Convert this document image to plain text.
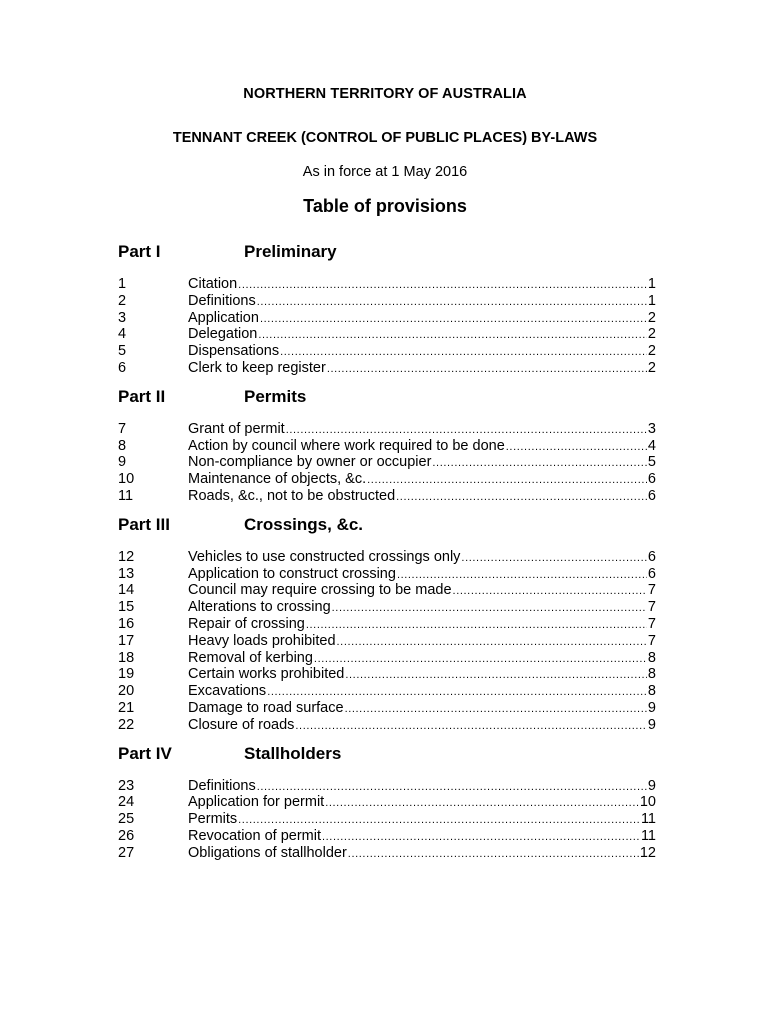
NORTHERN TERRITORY OF AUSTRALIA
TENNANT CREEK (CONTROL OF PUBLIC PLACES) BY-LAWS
As in force at 1 May 2016
Table of provisions
Part I	Preliminary
1	Citation .....	1
2	Definitions .....	1
3	Application .....	2
4	Delegation .....	2
5	Dispensations .....	2
6	Clerk to keep register .....	2
Part II	Permits
7	Grant of permit .....	3
8	Action by council where work required to be done .....	4
9	Non-compliance by owner or occupier .....	5
10	Maintenance of objects, &c. .....	6
11	Roads, &c., not to be obstructed .....	6
Part III	Crossings, &c.
12	Vehicles to use constructed crossings only .....	6
13	Application to construct crossing .....	6
14	Council may require crossing to be made .....	7
15	Alterations to crossing .....	7
16	Repair of crossing .....	7
17	Heavy loads prohibited .....	7
18	Removal of kerbing .....	8
19	Certain works prohibited .....	8
20	Excavations .....	8
21	Damage to road surface .....	9
22	Closure of roads .....	9
Part IV	Stallholders
23	Definitions .....	9
24	Application for permit .....	10
25	Permits .....	11
26	Revocation of permit .....	11
27	Obligations of stallholder .....	12
